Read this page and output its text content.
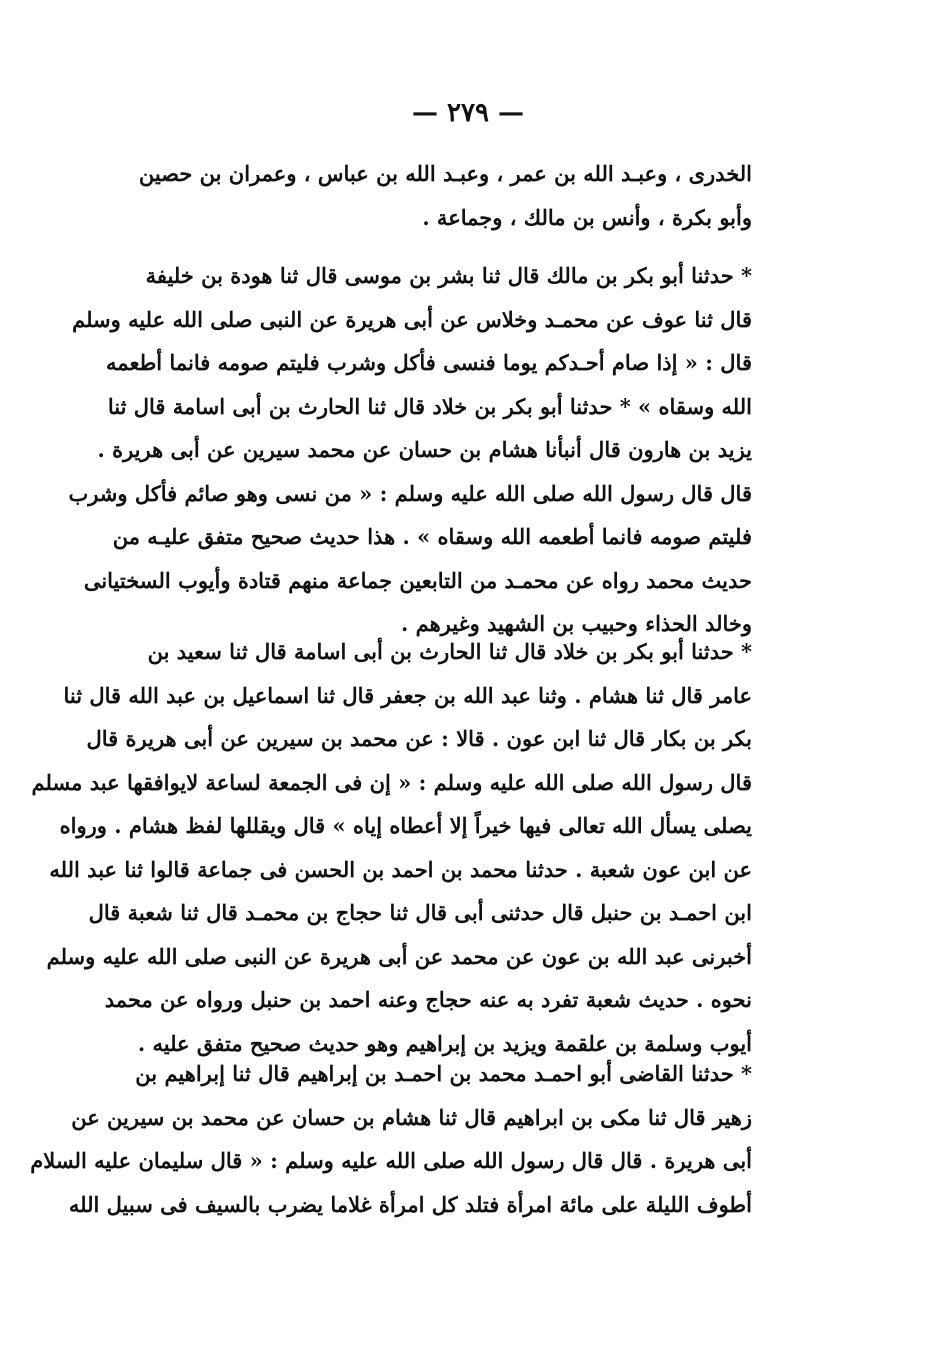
— ٢٧٩ —
الخدرى ، وعبـد الله بن عمر ، وعبـد الله بن عباس ، وعمران بن حصين
وأبو بكرة ، وأنس بن مالك ، وجماعة .
* حدثنا أبو بكر بن مالك قال ثنا بشر بن موسى قال ثنا هودة بن خليفة
قال ثنا عوف عن محمـد وخلاس عن أبى هريرة عن النبى صلى الله عليه وسلم
قال : « إذا صام أحـدكم يوما فنسى فأكل وشرب فليتم صومه فانما أطعمه
الله وسقاه » * حدثنا أبو بكر بن خلاد قال ثنا الحارث بن أبى اسامة قال ثنا
يزيد بن هارون قال أنبأنا هشام بن حسان عن محمد سيرين عن أبى هريرة .
قال قال رسول الله صلى الله عليه وسلم : « من نسى وهو صائم فأكل وشرب
فليتم صومه فانما أطعمه الله وسقاه » . هذا حديث صحيح متفق عليـه من
حديث محمد رواه عن محمـد من التابعين جماعة منهم قتادة وأيوب السختيانى
وخالد الحذاء وحبيب بن الشهيد وغيرهم .
* حدثنا أبو بكر بن خلاد قال ثنا الحارث بن أبى اسامة قال ثنا سعيد بن
عامر قال ثنا هشام . وثنا عبد الله بن جعفر قال ثنا اسماعيل بن عبد الله قال ثنا
بكر بن بكار قال ثنا ابن عون . قالا : عن محمد بن سيرين عن أبى هريرة قال
قال رسول الله صلى الله عليه وسلم : « إن فى الجمعة لساعة لايوافقها عبد مسلم
يصلى يسأل الله تعالى فيها خيراً إلا أعطاه إياه » قال ويقللها لفظ هشام . ورواه
عن ابن عون شعبة . حدثنا محمد بن احمد بن الحسن فى جماعة قالوا ثنا عبد الله
ابن احمـد بن حنبل قال حدثنى أبى قال ثنا حجاج بن محمـد قال ثنا شعبة قال
أخبرنى عبد الله بن عون عن محمد عن أبى هريرة عن النبى صلى الله عليه وسلم
نحوه . حديث شعبة تفرد به عنه حجاج وعنه احمد بن حنبل ورواه عن محمد
أيوب وسلمة بن علقمة ويزيد بن إبراهيم وهو حديث صحيح متفق عليه .
* حدثنا القاضى أبو احمـد محمد بن احمـد بن إبراهيم قال ثنا إبراهيم بن
زهير قال ثنا مكى بن ابراهيم قال ثنا هشام بن حسان عن محمد بن سيرين عن
أبى هريرة . قال قال رسول الله صلى الله عليه وسلم : « قال سليمان عليه السلام
أطوف الليلة على مائة امرأة فتلد كل امرأة غلاما يضرب بالسيف فى سبيل الله
